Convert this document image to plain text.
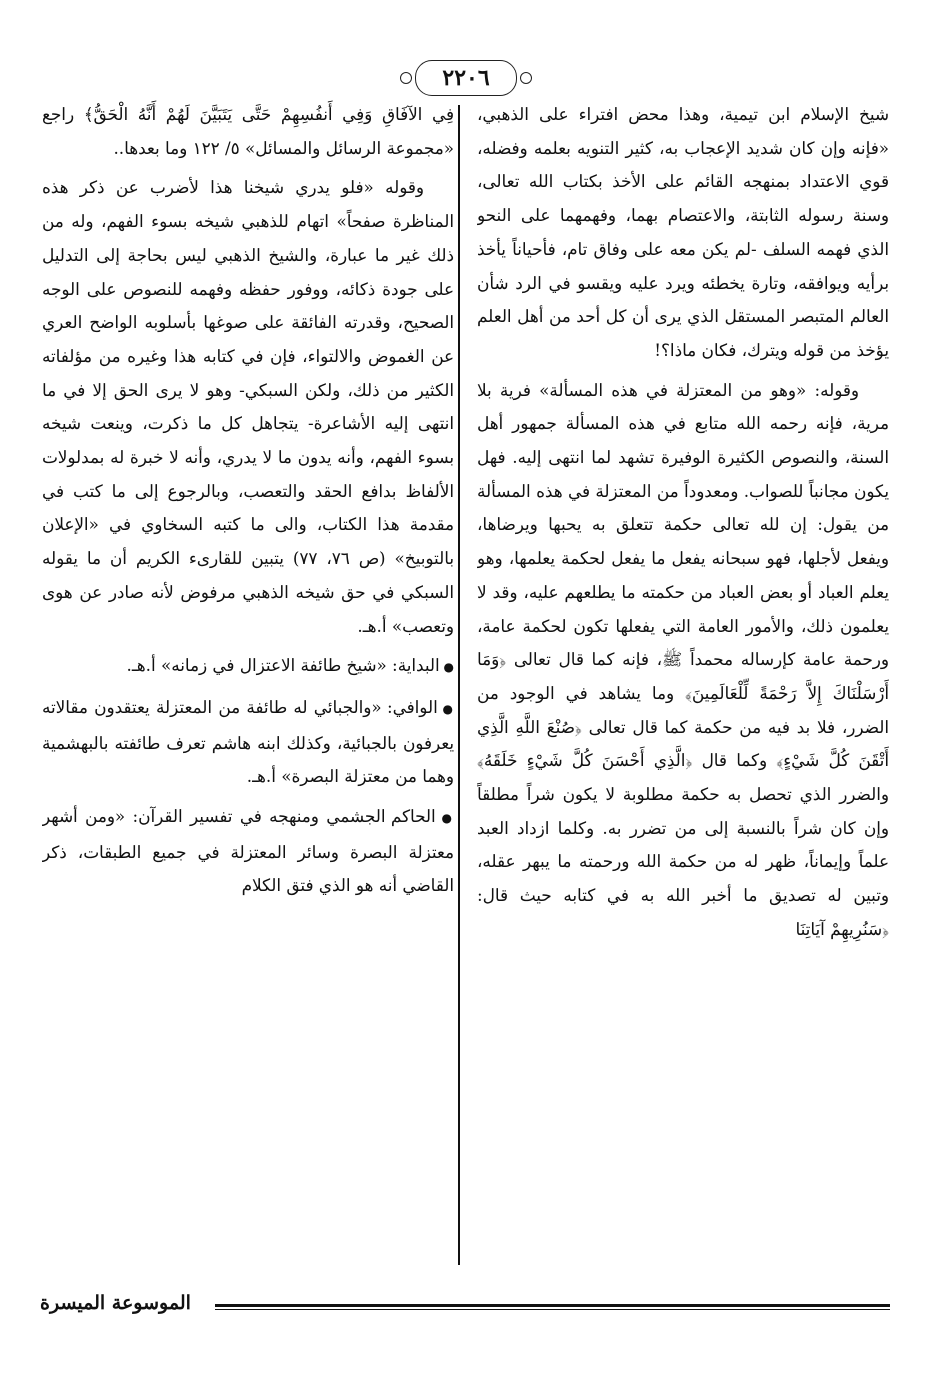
٢٢٠٦

شيخ الإسلام ابن تيمية، وهذا محض افتراء على الذهبي، «فإنه وإن كان شديد الإعجاب به، كثير التنويه بعلمه وفضله، قوي الاعتداد بمنهجه القائم على الأخذ بكتاب الله تعالى، وسنة رسوله الثابتة، والاعتصام بهما، وفهمهما على النحو الذي فهمه السلف -لم يكن معه على وفاق تام، فأحياناً يأخذ برأيه ويوافقه، وتارة يخطئه ويرد عليه ويقسو في الرد شأن العالم المتبصر المستقل الذي يرى أن كل أحد من أهل العلم يؤخذ من قوله ويترك، فكان ماذا؟!

وقوله: «وهو من المعتزلة في هذه المسألة» فرية بلا مرية، فإنه رحمه الله متابع في هذه المسألة جمهور أهل السنة، والنصوص الكثيرة الوفيرة تشهد لما انتهى إليه. فهل يكون مجانباً للصواب. ومعدوداً من المعتزلة في هذه المسألة من يقول: إن لله تعالى حكمة تتعلق به يحبها ويرضاها، ويفعل لأجلها، فهو سبحانه يفعل ما يفعل لحكمة يعلمها، وهو يعلم العباد أو بعض العباد من حكمته ما يطلعهم عليه، وقد لا يعلمون ذلك، والأمور العامة التي يفعلها تكون لحكمة عامة، ورحمة عامة كإرساله محمداً ﷺ، فإنه كما قال تعالى ﴿وَمَا أَرْسَلْنَاكَ إِلاَّ رَحْمَةً لِّلْعَالَمِينَ﴾ وما يشاهد في الوجود من الضرر، فلا بد فيه من حكمة كما قال تعالى ﴿صُنْعَ اللَّهِ الَّذِي أَتْقَنَ كُلَّ شَيْءٍ﴾ وكما قال ﴿الَّذِي أَحْسَنَ كُلَّ شَيْءٍ خَلَقَهُ﴾ والضرر الذي تحصل به حكمة مطلوبة لا يكون شراً مطلقاً وإن كان شراً بالنسبة إلى من تضرر به. وكلما ازداد العبد علماً وإيماناً، ظهر له من حكمة الله ورحمته ما يبهر عقله، وتبين له تصديق ما أخبر الله به في كتابه حيث قال: ﴿سَنُرِيهِمْ آيَاتِنَا

فِي الآفَاقِ وَفِي أَنفُسِهِمْ حَتَّى يَتَبَيَّنَ لَهُمْ أَنَّهُ الْحَقُّ﴾ راجع «مجموعة الرسائل والمسائل» ٥/ ١٢٢ وما بعدها..

وقوله «فلو يدري شيخنا هذا لأضرب عن ذكر هذه المناظرة صفحاً» اتهام للذهبي شيخه بسوء الفهم، وله من ذلك غير ما عبارة، والشيخ الذهبي ليس بحاجة إلى التدليل على جودة ذكائه، ووفور حفظه وفهمه للنصوص على الوجه الصحيح، وقدرته الفائقة على صوغها بأسلوبه الواضح العري عن الغموض والالتواء، فإن في كتابه هذا وغيره من مؤلفاته الكثير من ذلك، ولكن السبكي- وهو لا يرى الحق إلا في ما انتهى إليه الأشاعرة- يتجاهل كل ما ذكرت، وينعت شيخه بسوء الفهم، وأنه يدون ما لا يدري، وأنه لا خبرة له بمدلولات الألفاظ بدافع الحقد والتعصب، وبالرجوع إلى ما كتب في مقدمة هذا الكتاب، والى ما كتبه السخاوي في «الإعلان بالتوبيخ» (ص ٧٦، ٧٧) يتبين للقارىء الكريم أن ما يقوله السبكي في حق شيخه الذهبي مرفوض لأنه صادر عن هوى وتعصب» أ.هـ.

● البداية: «شيخ طائفة الاعتزال في زمانه» أ.هـ.

● الوافي: «والجبائي له طائفة من المعتزلة يعتقدون مقالاته يعرفون بالجبائية، وكذلك ابنه هاشم تعرف طائفته بالبهشمية وهما من معتزلة البصرة» أ.هـ.

● الحاكم الجشمي ومنهجه في تفسير القرآن: «ومن أشهر معتزلة البصرة وسائر المعتزلة في جميع الطبقات، ذكر القاضي أنه هو الذي فتق الكلام

الموسوعة الميسرة
